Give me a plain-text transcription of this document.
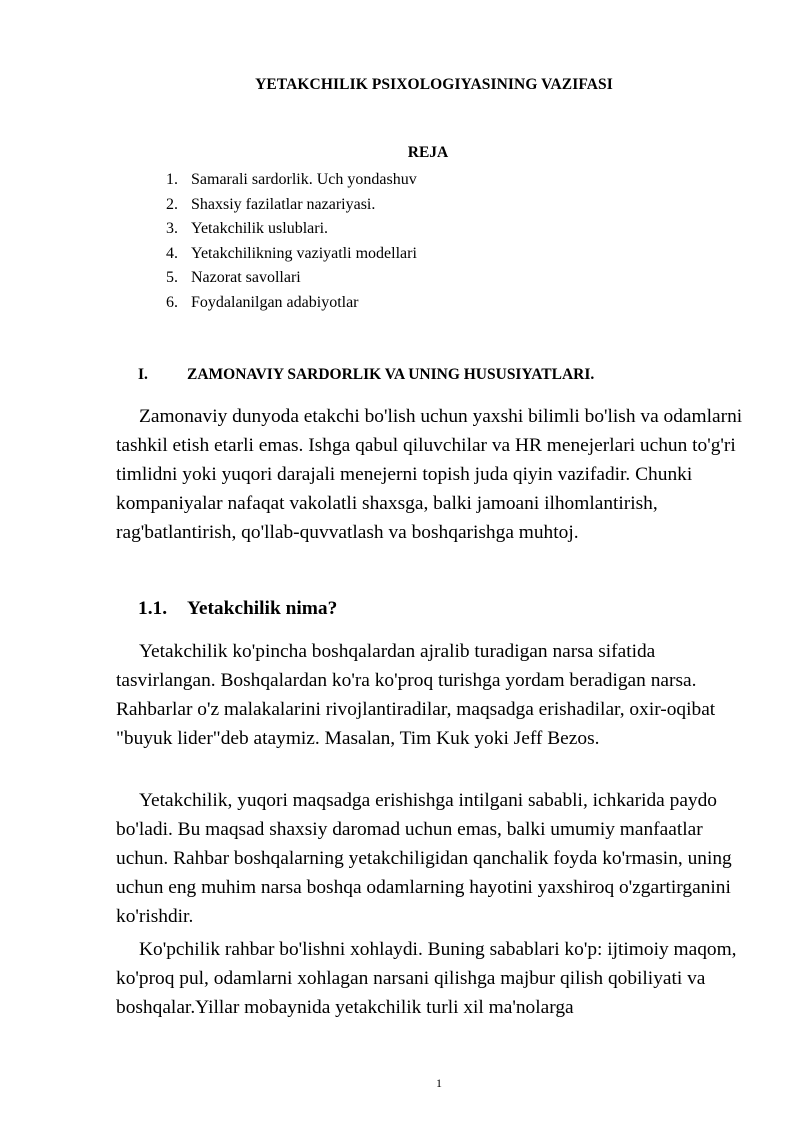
YETAKCHILIK PSIXOLOGIYASINING VAZIFASI
REJA
1. Samarali sardorlik. Uch yondashuv
2. Shaxsiy fazilatlar nazariyasi.
3. Yetakchilik uslublari.
4. Yetakchilikning vaziyatli modellari
5. Nazorat savollari
6. Foydalanilgan adabiyotlar
I.	ZAMONAVIY SARDORLIK VA UNING HUSUSIYATLARI.

Zamonaviy dunyoda etakchi bo'lish uchun yaxshi bilimli bo'lish va odamlarni tashkil etish etarli emas. Ishga qabul qiluvchilar va HR menejerlari uchun to'g'ri timlidni yoki yuqori darajali menejerni topish juda qiyin vazifadir. Chunki kompaniyalar nafaqat vakolatli shaxsga, balki jamoani ilhomlantirish, rag'batlantirish, qo'llab-quvvatlash va boshqarishga muhtoj.

1.1. Yetakchilik nima?

Yetakchilik ko'pincha boshqalardan ajralib turadigan narsa sifatida tasvirlangan. Boshqalardan ko'ra ko'proq turishga yordam beradigan narsa. Rahbarlar o'z malakalarini rivojlantiradilar, maqsadga erishadilar, oxir-oqibat "buyuk lider"deb ataymiz. Masalan, Tim Kuk yoki Jeff Bezos.

Yetakchilik, yuqori maqsadga erishishga intilgani sababli, ichkarida paydo bo'ladi. Bu maqsad shaxsiy daromad uchun emas, balki umumiy manfaatlar uchun. Rahbar boshqalarning yetakchiligidan qanchalik foyda ko'rmasin, uning uchun eng muhim narsa boshqa odamlarning hayotini yaxshiroq o'zgartirganini ko'rishdir.

Ko'pchilik rahbar bo'lishni xohlaydi. Buning sabablari ko'p: ijtimoiy maqom, ko'proq pul, odamlarni xohlagan narsani qilishga majbur qilish qobiliyati va boshqalar.Yillar mobaynida yetakchilik turli xil ma'nolarga

1
